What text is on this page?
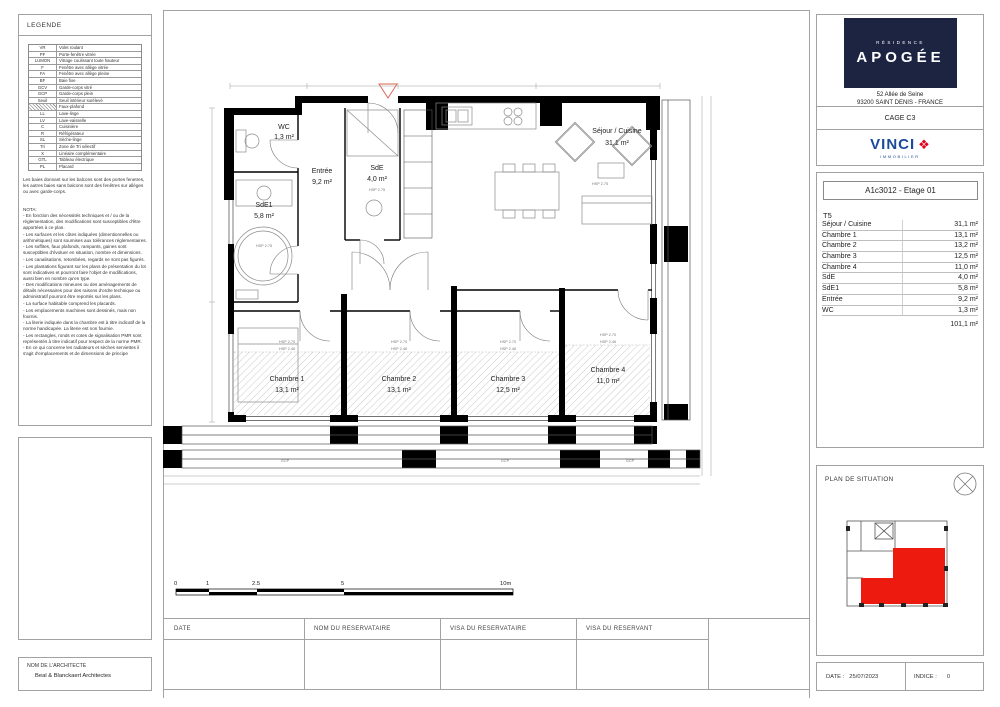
LEGENDE
VR	Volet roulant
PF	Porte-fenêtre vitrée
LUMON	Vitrage coulissant toute hauteur
F	Fenêtre avec allège vitrée
FA	Fenêtre avec allège pleine
BF	Baie fixe
GCV	Garde-corps vitré
GCP	Garde-corps plein
Seuil	Seuil intérieur surélevé
Faux-plafond
LL	Lave-linge
LV	Lave-vaisselle
C	Cuisinière
R	Réfrigérateur
SL	Sèche-linge
Tri	Zone de Tri sélectif
X	Linéaire complémentaire
GTL	Tableau électrique
PL	Placard
Les baies donnant sur les balcons sont des portes fenetres, les autres baies sans balcons sont des fenêtres sur allèges ou avec garde-corps.
NOTA:
- En fonction des nécessités techniques et / ou de la réglementation, des modifications sont susceptibles d'être apportées à ce plan.
- Les surfaces et les côtes indiquées (dimentionnelles ou arithmétiques) sont soumises aux tolérances réglementaires.
- Les soffites, faux plafonds, rampants, gaines sont susceptibles d'évoluer en situation, nombre et dimensions.
- Les canalisations, retombées, regards ne sont pas figurés.
- Les plantations figurant sur les plans de présentation du lot sont indicatives et pourront faire l'objet de modifications, aussi bien en nombre qu'en type.
- Des modifications mineures ou des aménagements de détails nécessaires pour des raisons d'ordre technique ou administratif pourront être reportés sur les plans.
- La surface habitable comprend les placards.
- Les emplacements machines sont dessinés, mais non fournis.
- La literie indiquée dans la chambre est à titre indicatif de la norme handicapée. La literie est non fournie.
- Les rectangles, ronds et cotes de signalisation PMR sont représentés à titre indicatif pour respect de la norme PMR.
- En ce qui concerne les radiateurs et sèches serviettes il s'agit d'emplacements et de dimensions de principe
NOM DE L'ARCHITECTE
Beal & Blanckaert Architectes
WC
1,3 m²
Entrée
9,2 m²
SdE
4,0 m²
SdE1
5,8 m²
Séjour / Cuisine
31,1 m²
Chambre 1
13,1 m²
Chambre 2
13,1 m²
Chambre 3
12,5 m²
Chambre 4
11,0 m²
HSP 2.75
HSP 2.75
HSP 2.75
HSP 2.70
HSP 2.46
HSP 2.70
HSP 2.46
HSP 2.70
HSP 2.46
HSP 2.70
HSP 2.46
GCP	GCP	GCP
0	1	2.5	5	10m
DATE	NOM DU RESERVATAIRE	VISA DU RESERVATAIRE	VISA DU RESERVANT
RÉSIDENCE
APOGÉE
52 Allée de Seine
93200 SAINT DENIS - FRANCE
CAGE C3
VINCI ❖
IMMOBILIER
A1c3012 - Etage 01
T5
Séjour / Cuisine	31,1 m²
Chambre 1	13,1 m²
Chambre 2	13,2 m²
Chambre 3	12,5 m²
Chambre 4	11,0 m²
SdE	4,0 m²
SdE1	5,8 m²
Entrée	9,2 m²
WC	1,3 m²
101,1 m²
PLAN DE SITUATION
DATE : 25/07/2023	INDICE : 0
